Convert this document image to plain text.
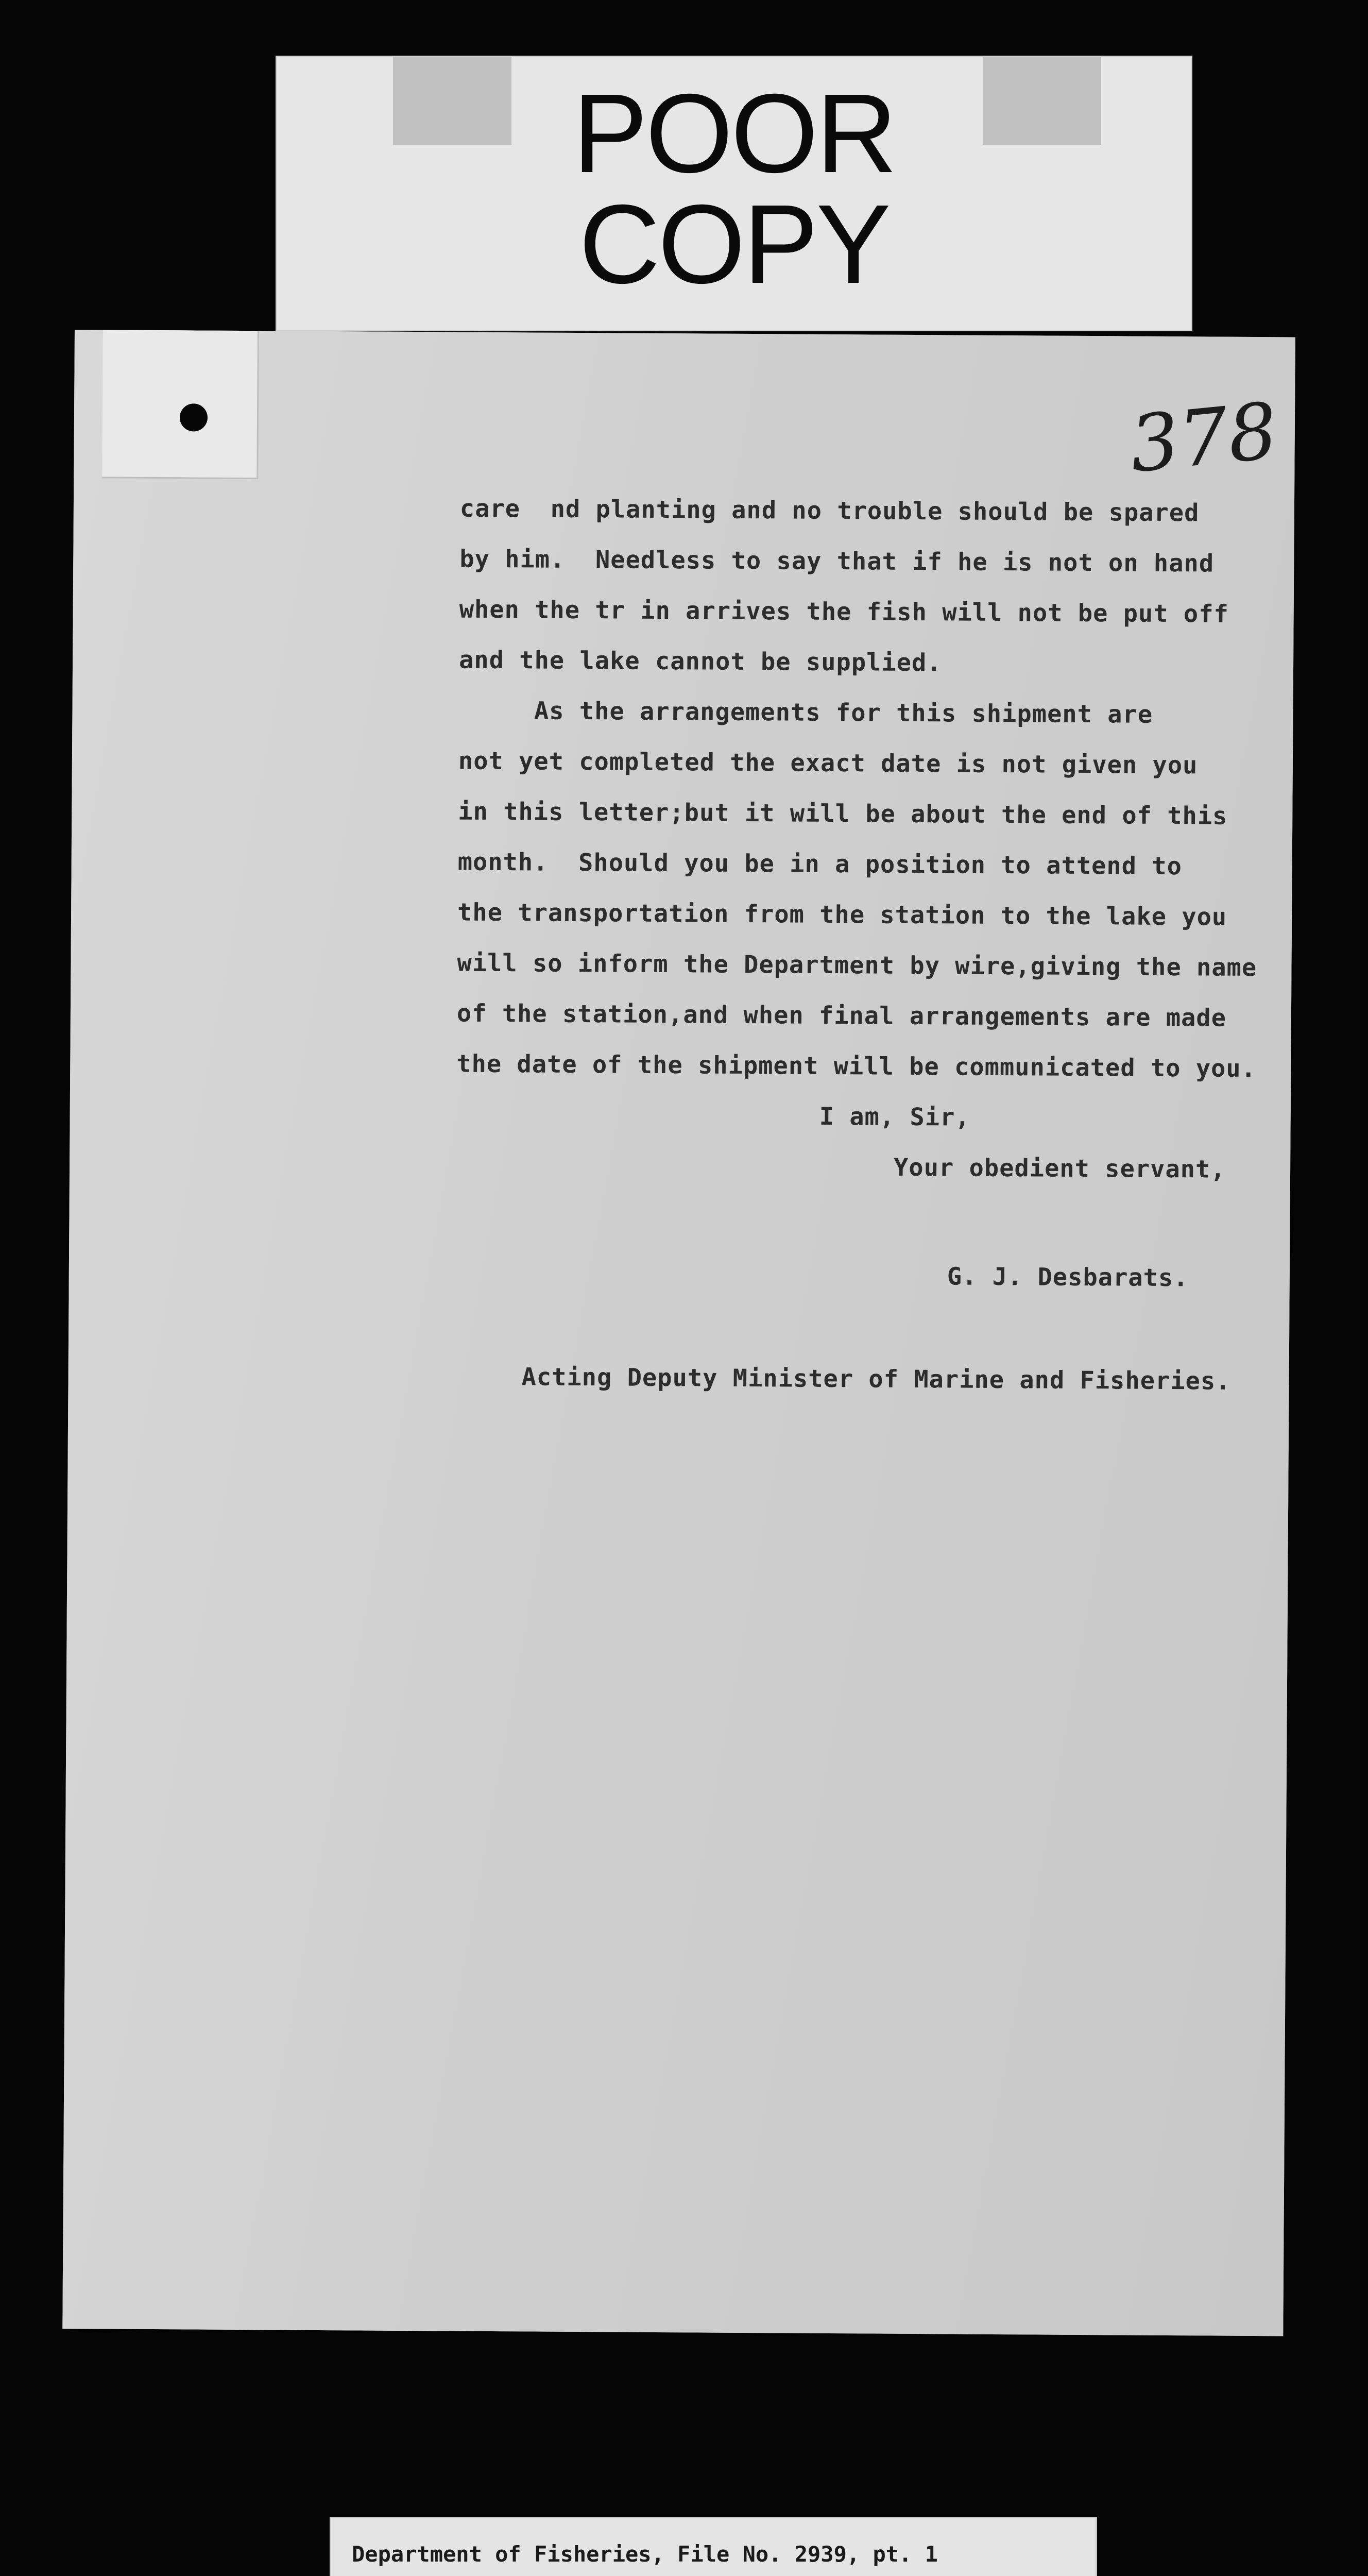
POOR
COPY
378
care  nd planting and no trouble should be spared
by him.  Needless to say that if he is not on hand
when the tr in arrives the fish will not be put off
and the lake cannot be supplied.
As the arrangements for this shipment are
not yet completed the exact date is not given you
in this letter;but it will be about the end of this
month.  Should you be in a position to attend to
the transportation from the station to the lake you
will so inform the Department by wire,giving the name
of the station,and when final arrangements are made
the date of the shipment will be communicated to you.
I am, Sir,
Your obedient servant,
G. J. Desbarats.
Acting Deputy Minister of Marine and Fisheries.
Department of Fisheries, File No. 2939, pt. 1
